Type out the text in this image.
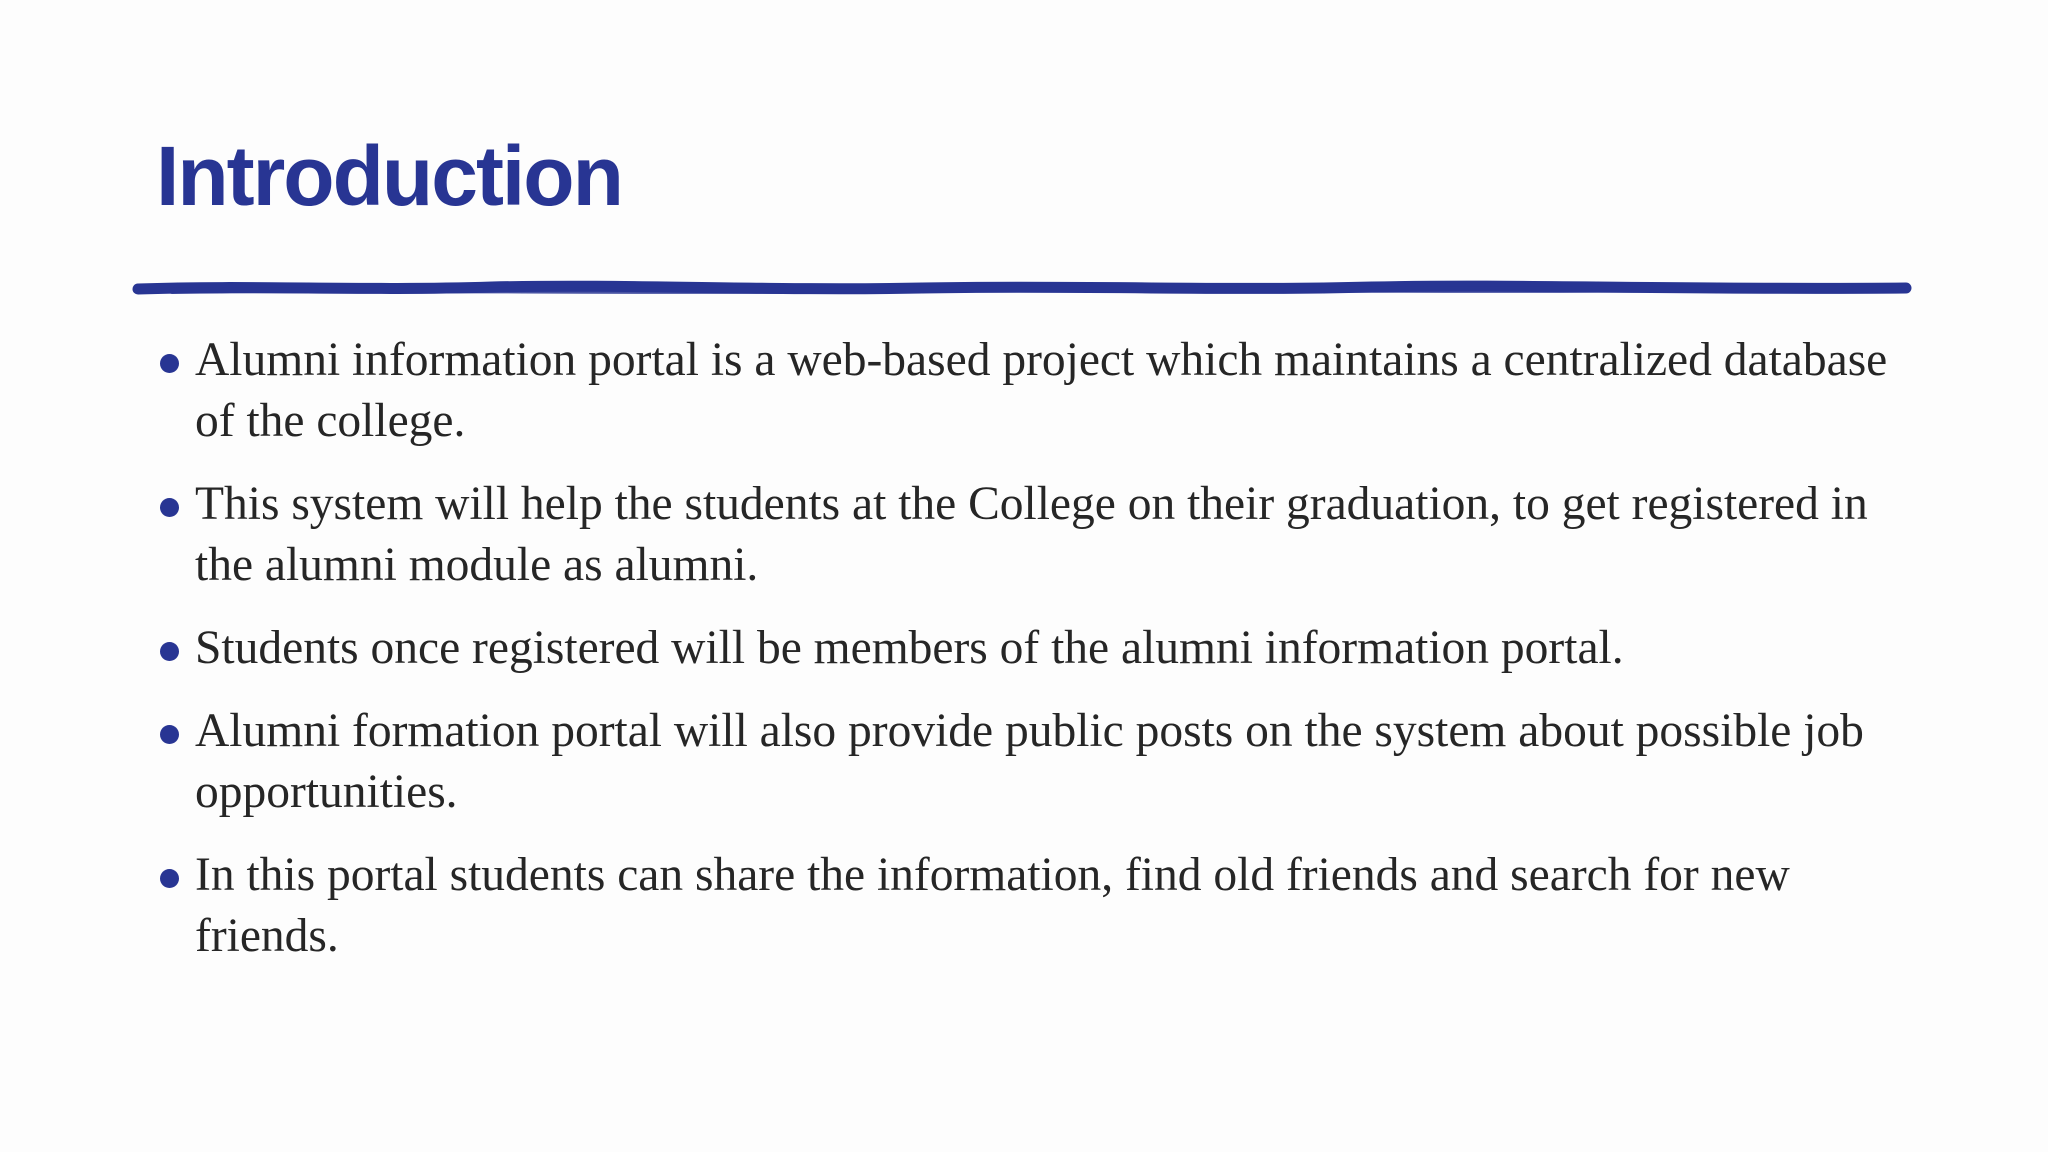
Introduction
Alumni information portal is a web-based project which maintains a centralized database of the college.
This system will help the students at the College on their graduation, to get registered in the alumni module as alumni.
Students once registered will be members of the alumni information portal.
Alumni formation portal will also provide public posts on the system about possible job opportunities.
In this portal students can share the information, find old friends and search for new friends.
